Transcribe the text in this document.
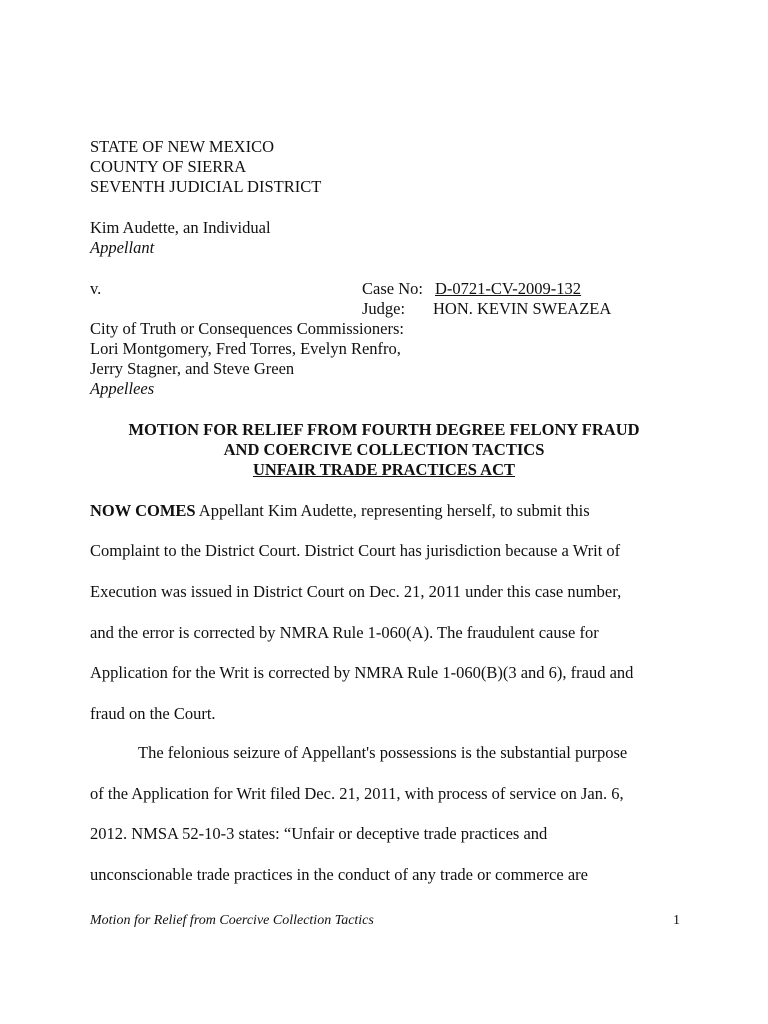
STATE OF NEW MEXICO
COUNTY OF SIERRA
SEVENTH JUDICIAL DISTRICT
Kim Audette, an Individual
Appellant
v.	Case No: D-0721-CV-2009-132
Judge: HON. KEVIN SWEAZEA
City of Truth or Consequences Commissioners:
Lori Montgomery, Fred Torres, Evelyn Renfro,
Jerry Stagner, and Steve Green
Appellees
MOTION FOR RELIEF FROM FOURTH DEGREE FELONY FRAUD
AND COERCIVE COLLECTION TACTICS
UNFAIR TRADE PRACTICES ACT
NOW COMES Appellant Kim Audette, representing herself, to submit this
Complaint to the District Court. District Court has jurisdiction because a Writ of
Execution was issued in District Court on Dec. 21, 2011 under this case number,
and the error is corrected by NMRA Rule 1-060(A). The fraudulent cause for
Application for the Writ is corrected by NMRA Rule 1-060(B)(3 and 6), fraud and
fraud on the Court.
The felonious seizure of Appellant's possessions is the substantial purpose
of the Application for Writ filed Dec. 21, 2011, with process of service on Jan. 6,
2012. NMSA 52-10-3 states: “Unfair or deceptive trade practices and
unconscionable trade practices in the conduct of any trade or commerce are
Motion for Relief from Coercive Collection Tactics	1
